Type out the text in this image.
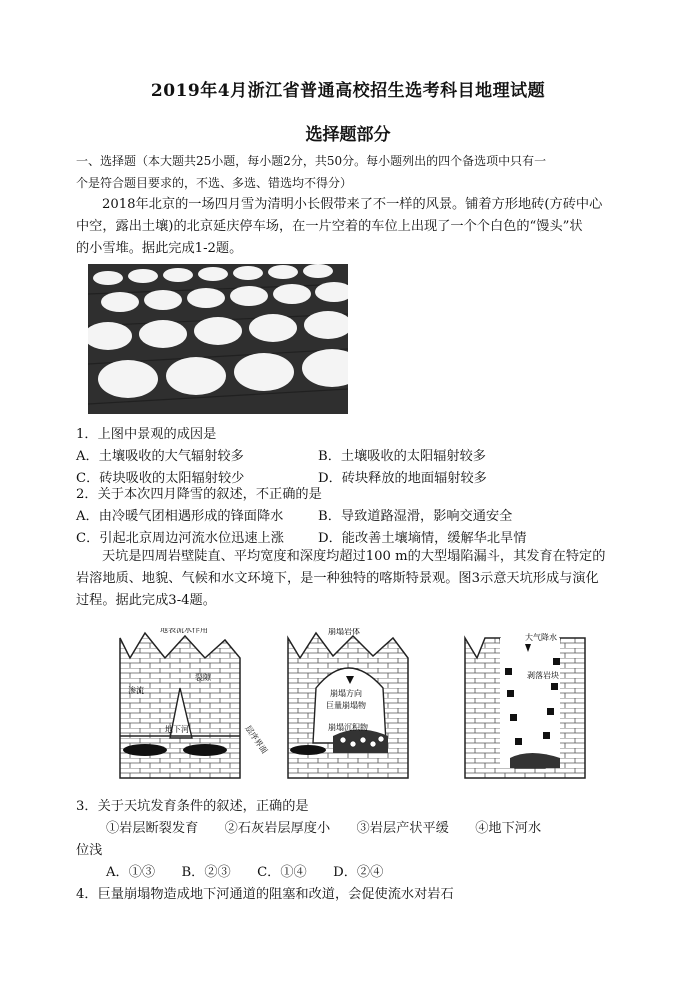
2019年4月浙江省普通高校招生选考科目地理试题
选择题部分
一、选择题（本大题共25小题，每小题2分，共50分。每小题列出的四个备选项中只有一
个是符合题目要求的，不选、多选、错选均不得分）
2018年北京的一场四月雪为清明小长假带来了不一样的风景。铺着方形地砖(方砖中心
中空，露出土壤)的北京延庆停车场，在一片空着的车位上出现了一个个白色的“馒头”状
的小雪堆。据此完成1-2题。
1．上图中景观的成因是
A．土壤吸收的大气辐射较多	B．土壤吸收的太阳辐射较多
C．砖块吸收的太阳辐射较少	D．砖块释放的地面辐射较多
2．关于本次四月降雪的叙述，不正确的是
A．由冷暖气团相遇形成的锋面降水	B．导致道路湿滑，影响交通安全
C．引起北京周边河流水位迅速上涨	D．能改善土壤墒情，缓解华北旱情
天坑是四周岩壁陡直、平均宽度和深度均超过100 m的大型塌陷漏斗，其发育在特定的
岩溶地质、地貌、气候和水文环境下，是一种独特的喀斯特景观。图3示意天坑形成与演化
过程。据此完成3-4题。
地表流水作用
裂隙
渗流
地下河	层序界面
崩塌岩体
崩塌方向
巨量崩塌物
崩塌沉积物
大气降水
剥落岩块
3．关于天坑发育条件的叙述，正确的是
①岩层断裂发育　　②石灰岩层厚度小　　③岩层产状平缓　　④地下河水
位浅
A．①③　　B．②③　　C．①④　　D．②④
4．巨量崩塌物造成地下河通道的阻塞和改道，会促使流水对岩石
